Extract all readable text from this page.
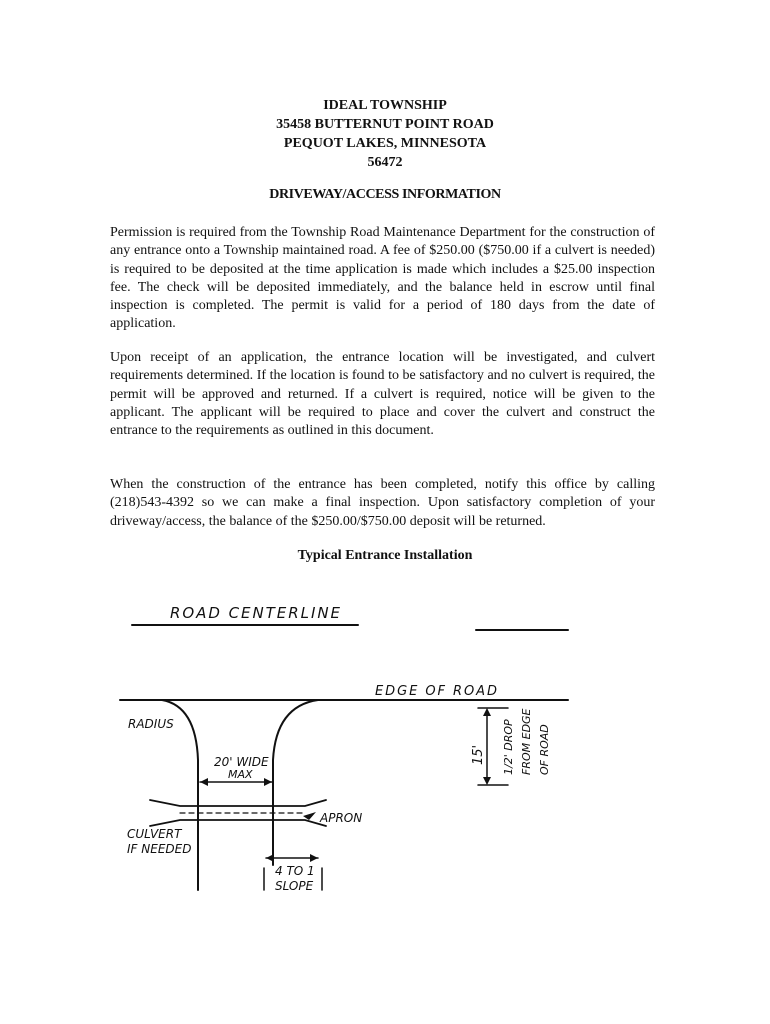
IDEAL TOWNSHIP
35458 BUTTERNUT POINT ROAD
PEQUOT LAKES, MINNESOTA
56472
DRIVEWAY/ACCESS INFORMATION
Permission is required from the Township Road Maintenance Department for the construction of any entrance onto a Township maintained road. A fee of $250.00 ($750.00 if a culvert is needed) is required to be deposited at the time application is made which includes a $25.00 inspection fee. The check will be deposited immediately, and the balance held in escrow until final inspection is completed. The permit is valid for a period of 180 days from the date of application.
Upon receipt of an application, the entrance location will be investigated, and culvert requirements determined. If the location is found to be satisfactory and no culvert is required, the permit will be approved and returned. If a culvert is required, notice will be given to the applicant. The applicant will be required to place and cover the culvert and construct the entrance to the requirements as outlined in this document.
When the construction of the entrance has been completed, notify this office by calling (218)543-4392 so we can make a final inspection. Upon satisfactory completion of your driveway/access, the balance of the $250.00/$750.00 deposit will be returned.
Typical Entrance Installation
ROAD CENTERLINE
EDGE OF ROAD
RADIUS
20' WIDE
MAX
APRON
CULVERT
IF NEEDED
4 TO 1
SLOPE
15' 1/2' DROP FROM EDGE OF ROAD
